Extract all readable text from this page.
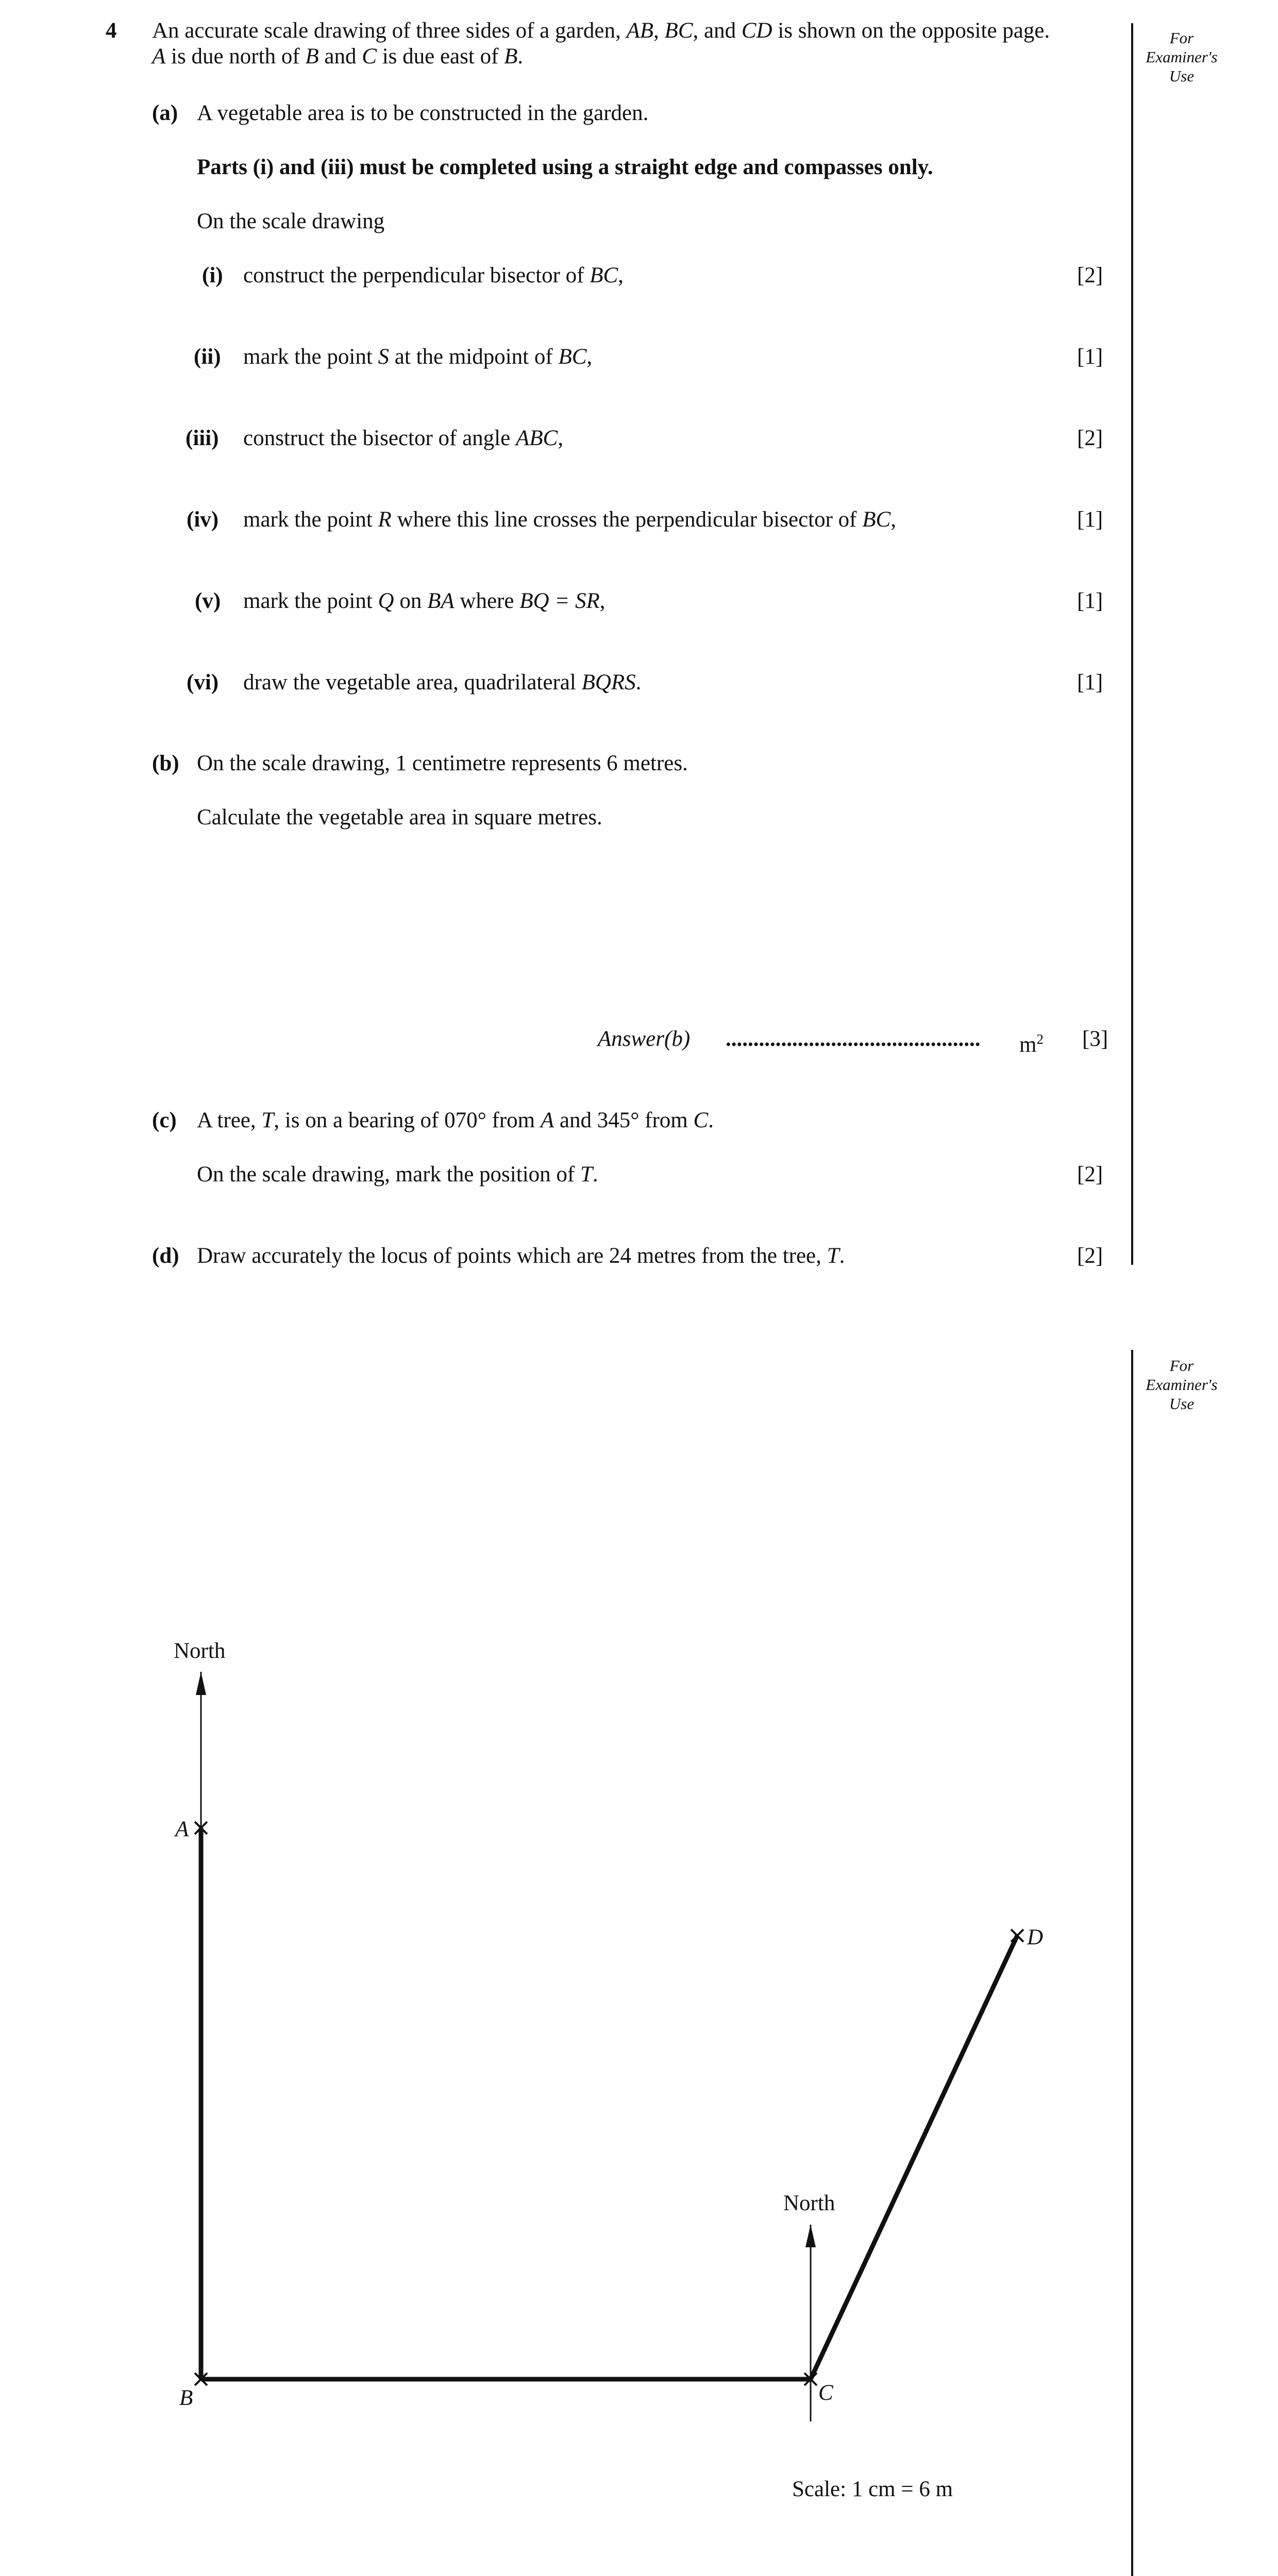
For Examiner's Use
4 An accurate scale drawing of three sides of a garden, AB, BC, and CD is shown on the opposite page.
A is due north of B and C is due east of B.
(a) A vegetable area is to be constructed in the garden.
Parts (i) and (iii) must be completed using a straight edge and compasses only.
On the scale drawing
(i) construct the perpendicular bisector of BC,	[2]
(ii) mark the point S at the midpoint of BC,	[1]
(iii) construct the bisector of angle ABC,	[2]
(iv) mark the point R where this line crosses the perpendicular bisector of BC,	[1]
(v) mark the point Q on BA where BQ = SR,	[1]
(vi) draw the vegetable area, quadrilateral BQRS.	[1]
(b) On the scale drawing, 1 centimetre represents 6 metres.
Calculate the vegetable area in square metres.
Answer(b) .............................................. $m^2$ [3]
(c) A tree, T, is on a bearing of 070° from A and 345° from C.
On the scale drawing, mark the position of T.	[2]
(d) Draw accurately the locus of points which are 24 metres from the tree, T.	[2]
For Examiner's Use
North
North
A
B	C
D
Scale: 1 cm = 6 m
